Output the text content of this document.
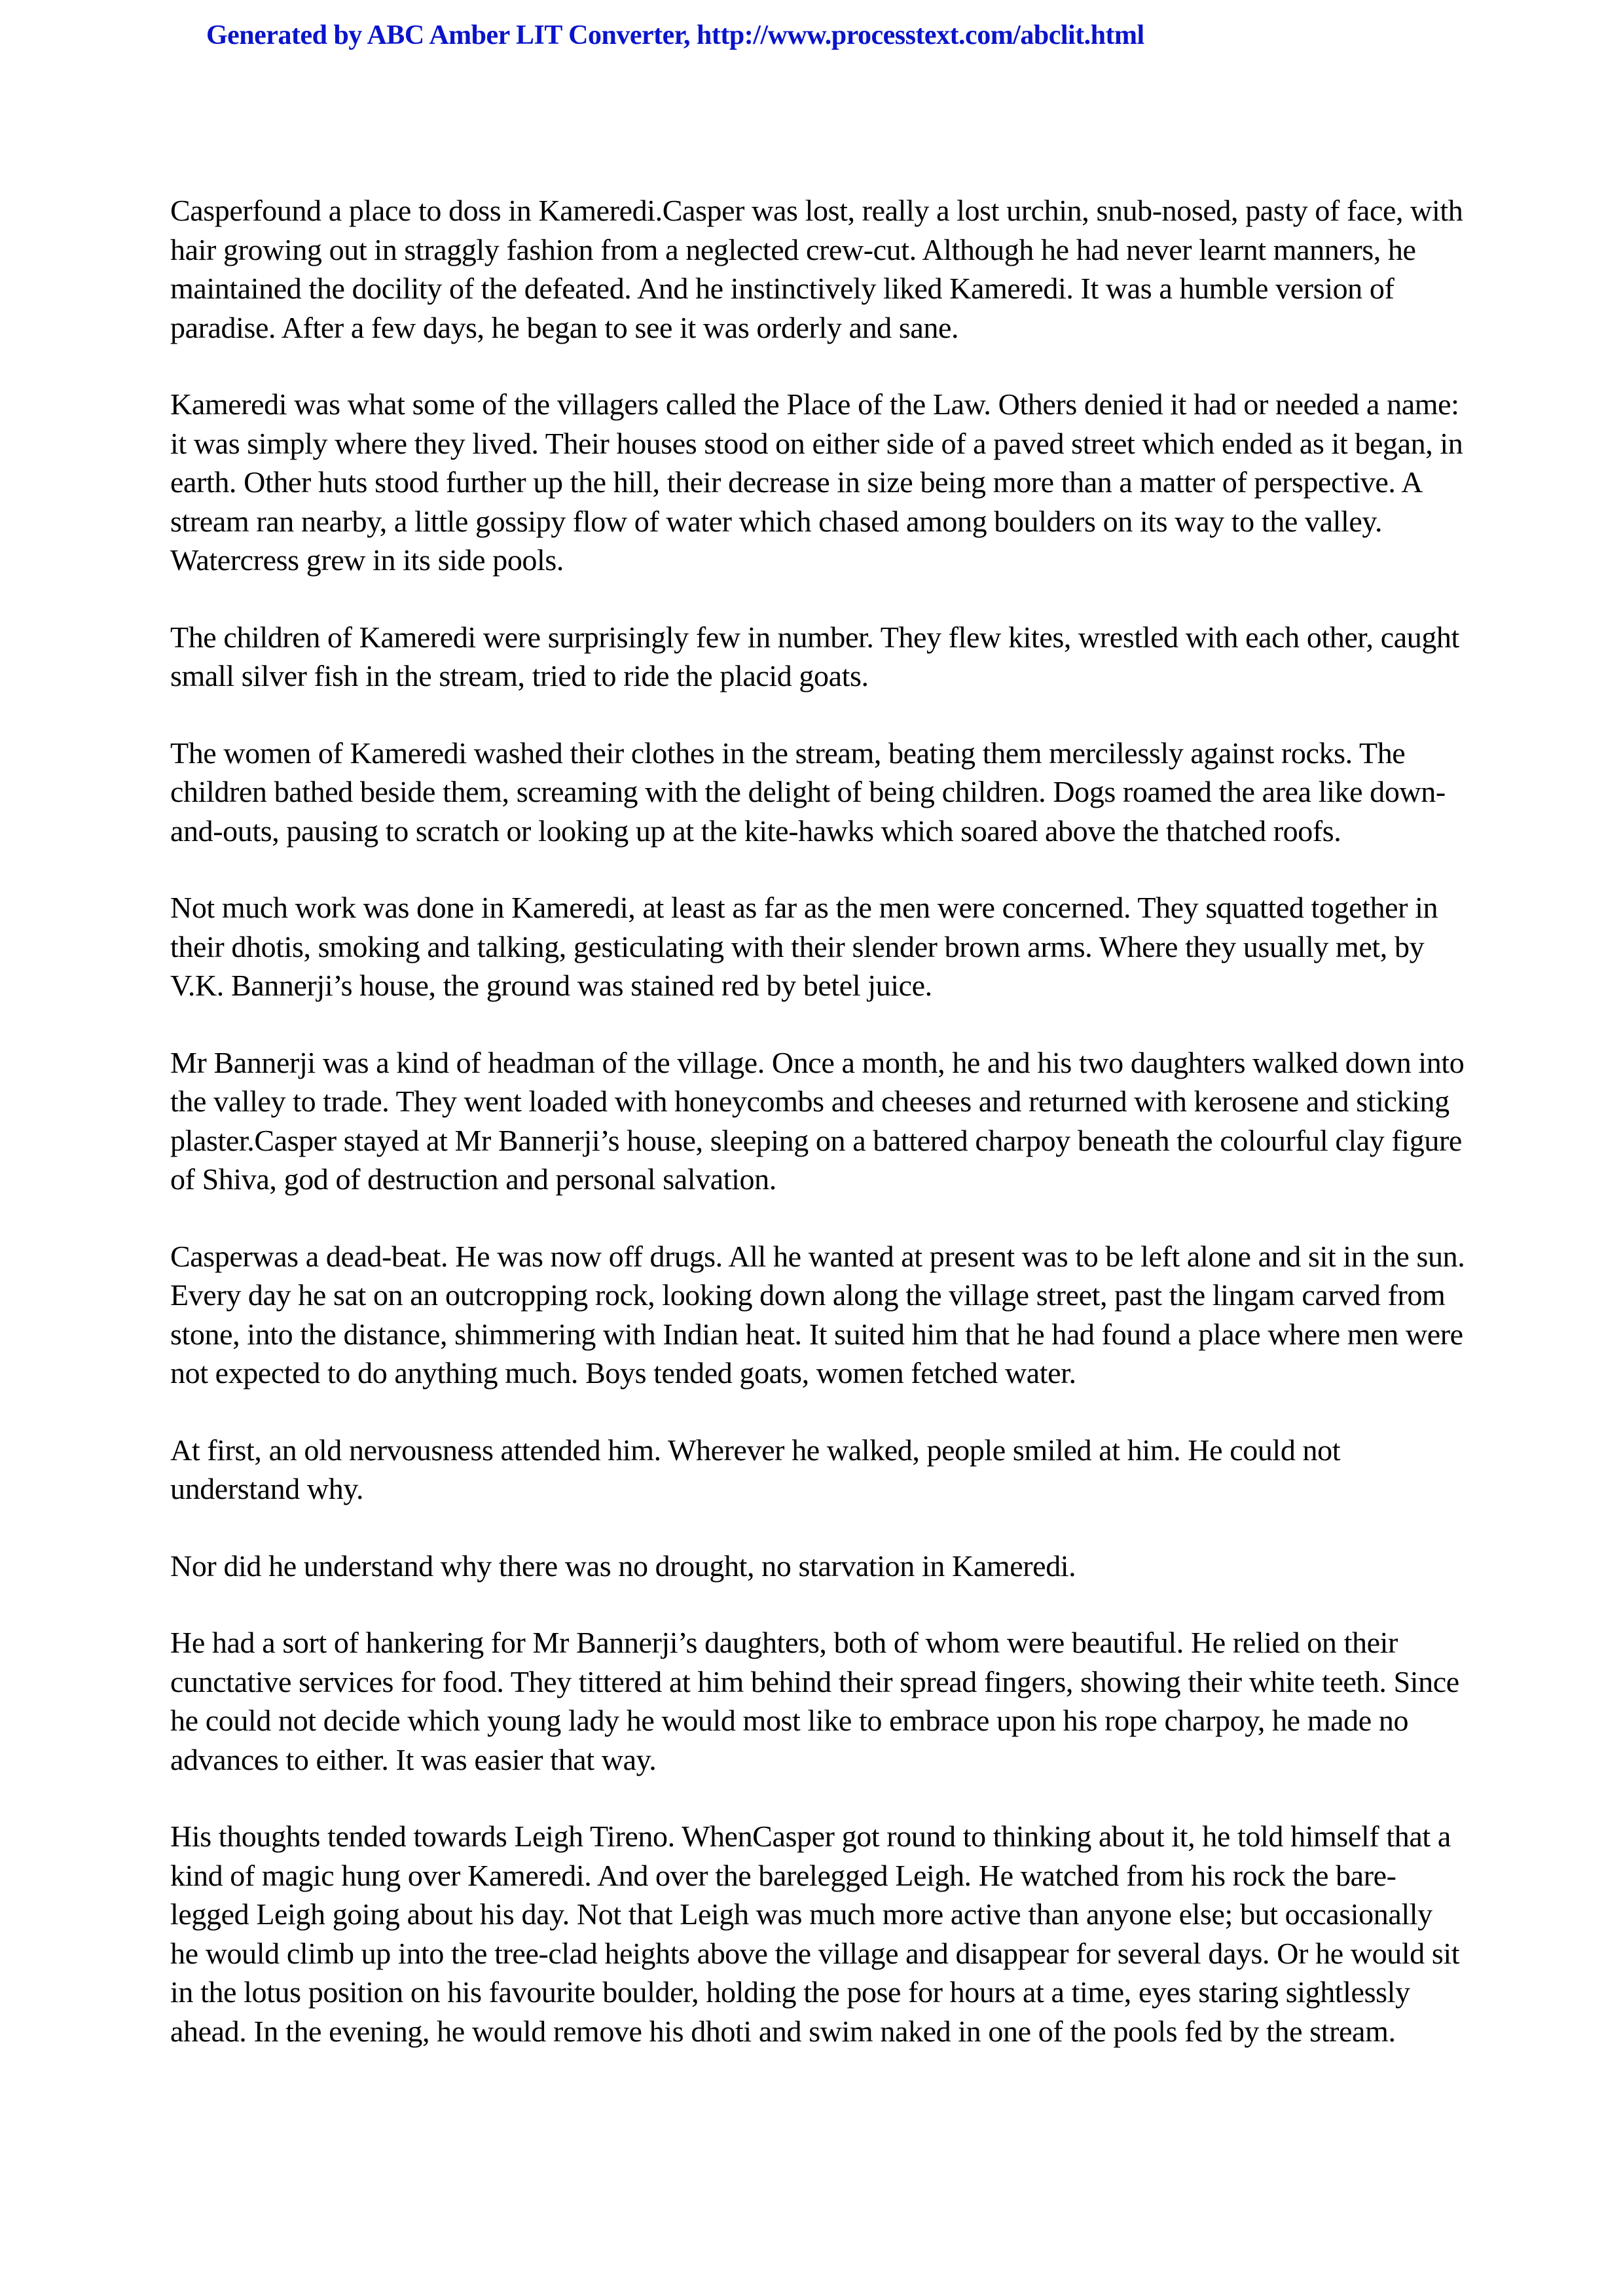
Generated by ABC Amber LIT Converter, http://www.processtext.com/abclit.html

Casperfound a place to doss in Kameredi.Casper was lost, really a lost urchin, snub-nosed, pasty of face, with hair growing out in straggly fashion from a neglected crew-cut. Although he had never learnt manners, he maintained the docility of the defeated. And he instinctively liked Kameredi. It was a humble version of paradise. After a few days, he began to see it was orderly and sane.

Kameredi was what some of the villagers called the Place of the Law. Others denied it had or needed a name: it was simply where they lived. Their houses stood on either side of a paved street which ended as it began, in earth. Other huts stood further up the hill, their decrease in size being more than a matter of perspective. A stream ran nearby, a little gossipy flow of water which chased among boulders on its way to the valley. Watercress grew in its side pools.

The children of Kameredi were surprisingly few in number. They flew kites, wrestled with each other, caught small silver fish in the stream, tried to ride the placid goats.

The women of Kameredi washed their clothes in the stream, beating them mercilessly against rocks. The children bathed beside them, screaming with the delight of being children. Dogs roamed the area like down-and-outs, pausing to scratch or looking up at the kite-hawks which soared above the thatched roofs.

Not much work was done in Kameredi, at least as far as the men were concerned. They squatted together in their dhotis, smoking and talking, gesticulating with their slender brown arms. Where they usually met, by V.K. Bannerji’s house, the ground was stained red by betel juice.

Mr Bannerji was a kind of headman of the village. Once a month, he and his two daughters walked down into the valley to trade. They went loaded with honeycombs and cheeses and returned with kerosene and sticking plaster.Casper stayed at Mr Bannerji’s house, sleeping on a battered charpoy beneath the colourful clay figure of Shiva, god of destruction and personal salvation.

Casperwas a dead-beat. He was now off drugs. All he wanted at present was to be left alone and sit in the sun. Every day he sat on an outcropping rock, looking down along the village street, past the lingam carved from stone, into the distance, shimmering with Indian heat. It suited him that he had found a place where men were not expected to do anything much. Boys tended goats, women fetched water.

At first, an old nervousness attended him. Wherever he walked, people smiled at him. He could not understand why.

Nor did he understand why there was no drought, no starvation in Kameredi.

He had a sort of hankering for Mr Bannerji’s daughters, both of whom were beautiful. He relied on their cunctative services for food. They tittered at him behind their spread fingers, showing their white teeth. Since he could not decide which young lady he would most like to embrace upon his rope charpoy, he made no advances to either. It was easier that way.

His thoughts tended towards Leigh Tireno. WhenCasper got round to thinking about it, he told himself that a kind of magic hung over Kameredi. And over the barelegged Leigh. He watched from his rock the bare-legged Leigh going about his day. Not that Leigh was much more active than anyone else; but occasionally he would climb up into the tree-clad heights above the village and disappear for several days. Or he would sit in the lotus position on his favourite boulder, holding the pose for hours at a time, eyes staring sightlessly ahead. In the evening, he would remove his dhoti and swim naked in one of the pools fed by the stream.
